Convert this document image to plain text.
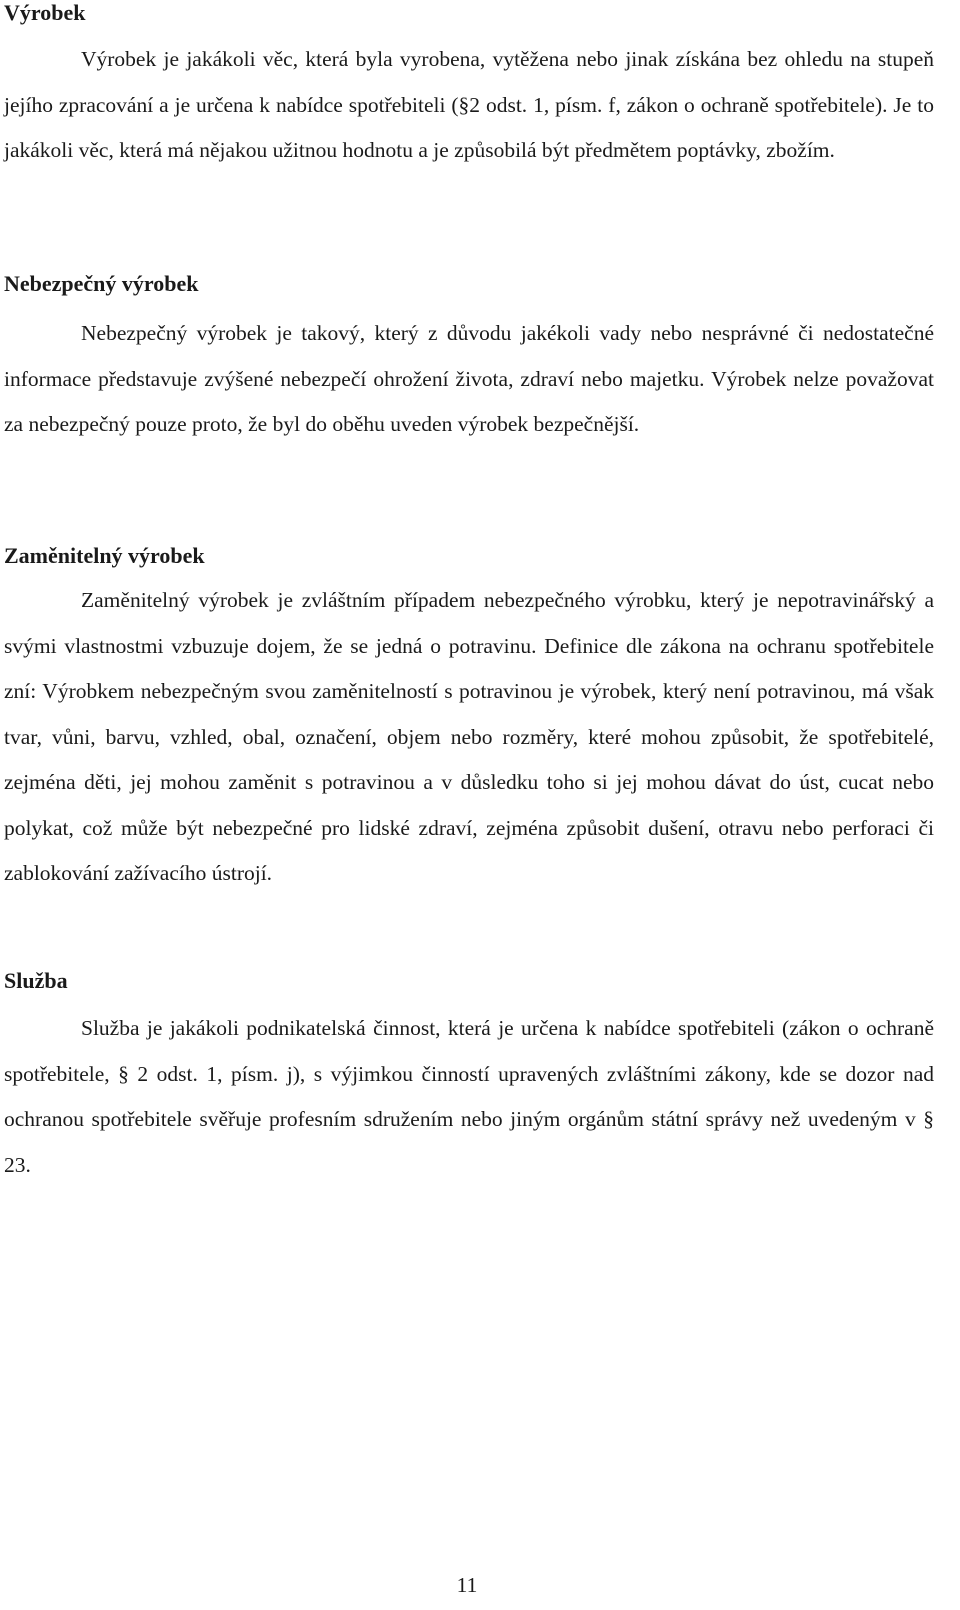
Výrobek

Výrobek je jakákoli věc, která byla vyrobena, vytěžena nebo jinak získána bez ohledu na stupeň jejího zpracování a je určena k nabídce spotřebiteli (§2 odst. 1, písm. f, zákon o ochraně spotřebitele). Je to jakákoli věc, která má nějakou užitnou hodnotu a je způsobilá být předmětem poptávky, zbožím.

Nebezpečný výrobek

Nebezpečný výrobek je takový, který z důvodu jakékoli vady nebo nesprávné či nedostatečné informace představuje zvýšené nebezpečí ohrožení života, zdraví nebo majetku. Výrobek nelze považovat za nebezpečný pouze proto, že byl do oběhu uveden výrobek bezpečnější.

Zaměnitelný výrobek

Zaměnitelný výrobek je zvláštním případem nebezpečného výrobku, který je nepotravinářský a svými vlastnostmi vzbuzuje dojem, že se jedná o potravinu. Definice dle zákona na ochranu spotřebitele zní: Výrobkem nebezpečným svou zaměnitelností s potravinou je výrobek, který není potravinou, má však tvar, vůni, barvu, vzhled, obal, označení, objem nebo rozměry, které mohou způsobit, že spotřebitelé, zejména děti, jej mohou zaměnit s potravinou a v důsledku toho si jej mohou dávat do úst, cucat nebo polykat, což může být nebezpečné pro lidské zdraví, zejména způsobit dušení, otravu nebo perforaci či zablokování zažívacího ústrojí.

Služba

Služba je jakákoli podnikatelská činnost, která je určena k nabídce spotřebiteli (zákon o ochraně spotřebitele, § 2 odst. 1, písm. j), s výjimkou činností upravených zvláštními zákony, kde se dozor nad ochranou spotřebitele svěřuje profesním sdružením nebo jiným orgánům státní správy než uvedeným v § 23.

11
